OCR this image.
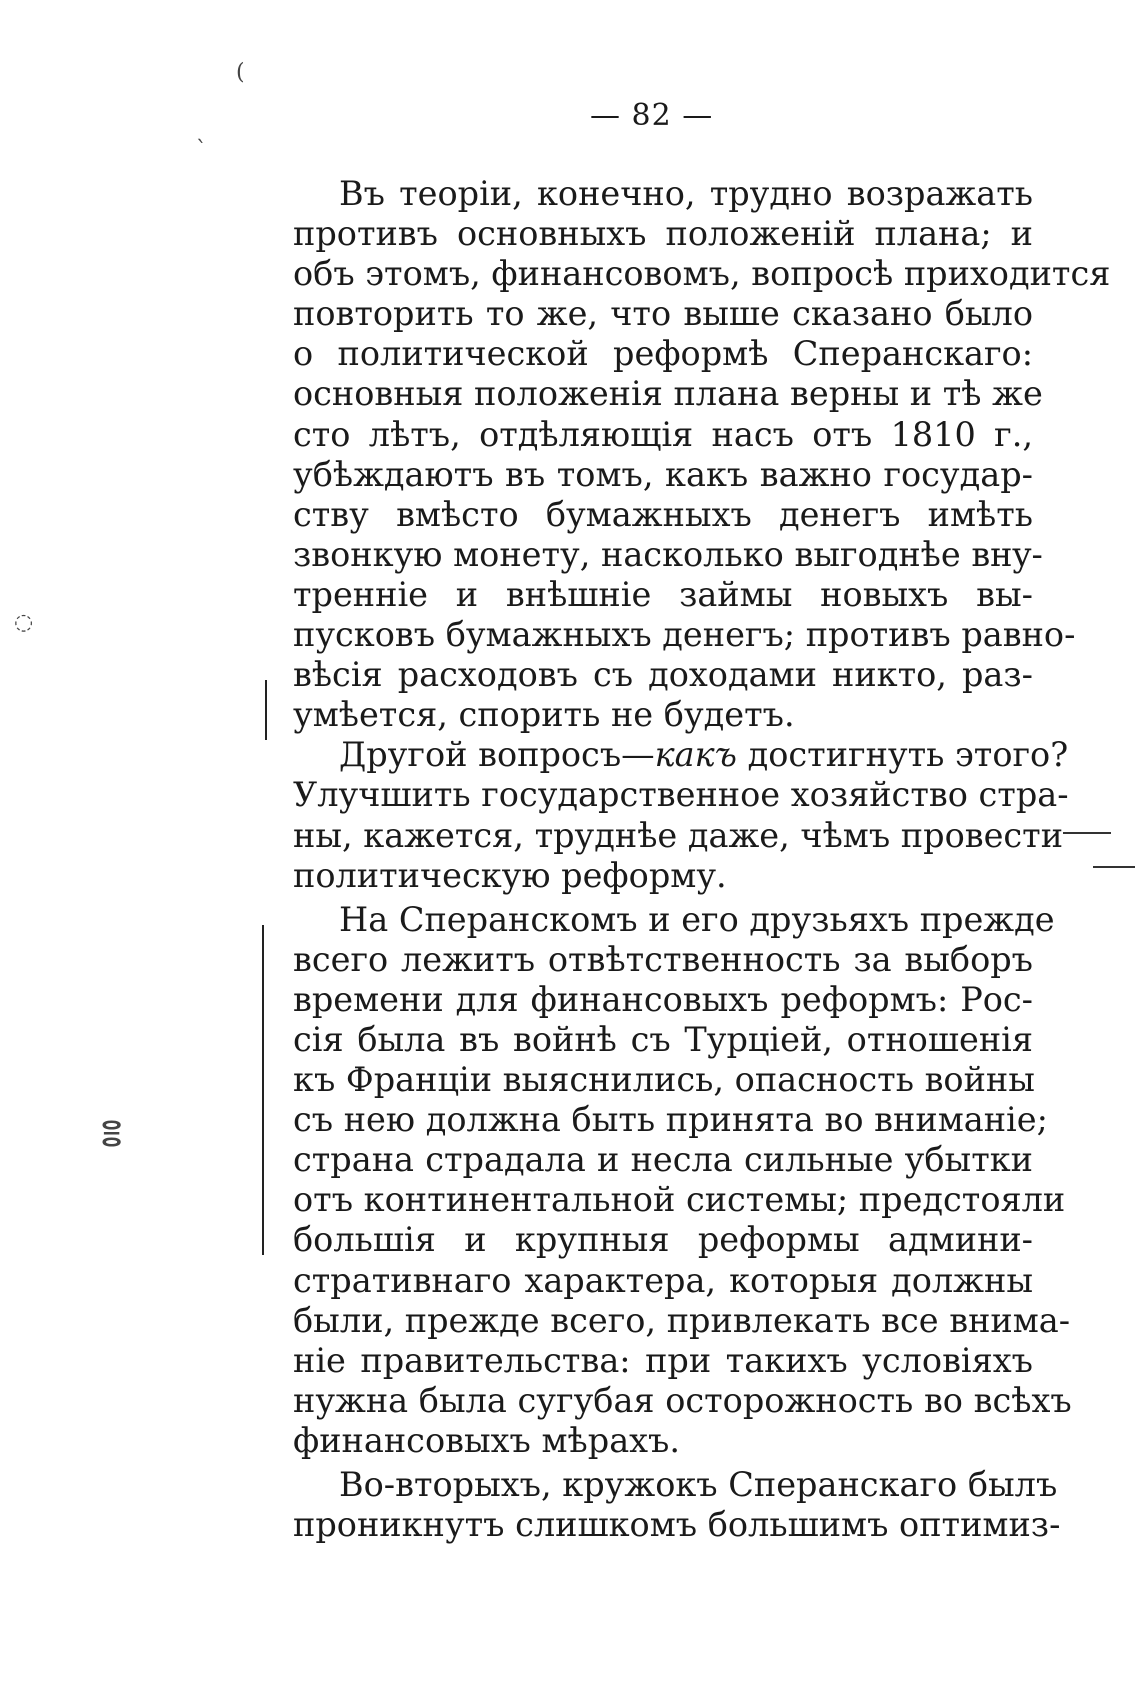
— 82 —
Въ теоріи, конечно, трудно возражать
противъ основныхъ положеній плана; и
объ этомъ, финансовомъ, вопросѣ приходится
повторить то же, что выше сказано было
о политической реформѣ Сперанскаго:
основныя положенія плана верны и тѣ же
сто лѣтъ, отдѣляющія насъ отъ 1810 г.,
убѣждаютъ въ томъ, какъ важно государ-
ству вмѣсто бумажныхъ денегъ имѣть
звонкую монету, насколько выгоднѣе внy-
треннiе и внѣшніе займы новыхъ вы-
пусковъ бумажныхъ денегъ; противъ равно-
вѣсія расходовъ съ доходами никто, раз-
умѣется, спорить не будетъ.
Другой вопросъ—какъ достигнуть этого?
Улучшить государственное хозяйство стра-
ны, кажется, труднѣе даже, чѣмъ провести
политическую реформу.
На Сперанскомъ и его друзьяхъ прежде
всего лежитъ отвѣтственность за выборъ
времени для финансовыхъ реформъ: Рос-
сія была въ войнѣ съ Турціей, отношенія
къ Франціи выяснились, опасность войны
съ нею должна быть принята во вниманіе;
страна страдала и несла сильные убытки
отъ континентальной системы; предстояли
большія и крупныя реформы админи-
стративнаго характера, которыя должны
были, прежде всего, привлекать все внима-
ніе правительства: при такихъ условіяхъ
нужна была сугубая осторожность во всѣхъ
финансовыхъ мѣрахъ.
Во-вторыхъ, кружокъ Сперанскаго былъ
проникнутъ слишкомъ большимъ оптимиз-
(
ˋ
◌
ⴻ
